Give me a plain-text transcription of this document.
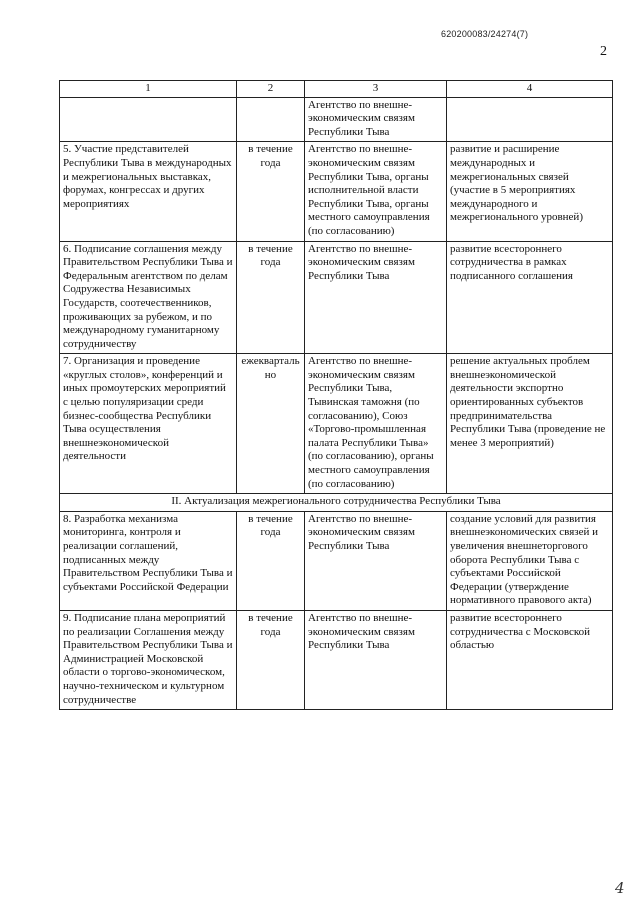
620200083/24274(7)
2
1	2	3	4
		Агентство по внешне-экономическим связям Республики Тыва	
5. Участие представителей Республики Тыва в международных и межрегиональных выставках, форумах, конгрессах и других мероприятиях	в течение года	Агентство по внешне-экономическим связям Республики Тыва, органы исполнительной власти Республики Тыва, органы местного самоуправления (по согласованию)	развитие и расширение международных и межрегиональных связей (участие в 5 мероприятиях международного и межрегионального уровней)
6. Подписание соглашения между Правительством Республики Тыва и Федеральным агентством по делам Содружества Независимых Государств, соотечественников, проживающих за рубежом, и по международному гуманитарному сотрудничеству	в течение года	Агентство по внешне-экономическим связям Республики Тыва	развитие всестороннего сотрудничества в рамках подписанного соглашения
7. Организация и проведение «круглых столов», конференций и иных промоутерских мероприятий с целью популяризации среди бизнес-сообщества Республики Тыва осуществления внешнеэкономической деятельности	ежеквартально	Агентство по внешне-экономическим связям Республики Тыва, Тывинская таможня (по согласованию), Союз «Торгово-промышленная палата Республики Тыва» (по согласованию), органы местного самоуправления (по согласованию)	решение актуальных проблем внешнеэкономической деятельности экспортно ориентированных субъектов предпринимательства Республики Тыва (проведение не менее 3 мероприятий)
II. Актуализация межрегионального сотрудничества Республики Тыва			
8. Разработка механизма мониторинга, контроля и реализации соглашений, подписанных между Правительством Республики Тыва и субъектами Российской Федерации	в течение года	Агентство по внешне-экономическим связям Республики Тыва	создание условий для развития внешнеэкономических связей и увеличения внешнеторгового оборота Республики Тыва с субъектами Российской Федерации (утверждение нормативного правового акта)
9. Подписание плана мероприятий по реализации Соглашения между Правительством Республики Тыва и Администрацией Московской области о торгово-экономическом, научно-техническом и культурном сотрудничестве	в течение года	Агентство по внешне-экономическим связям Республики Тыва	развитие всестороннего сотрудничества с Московской областью
4
